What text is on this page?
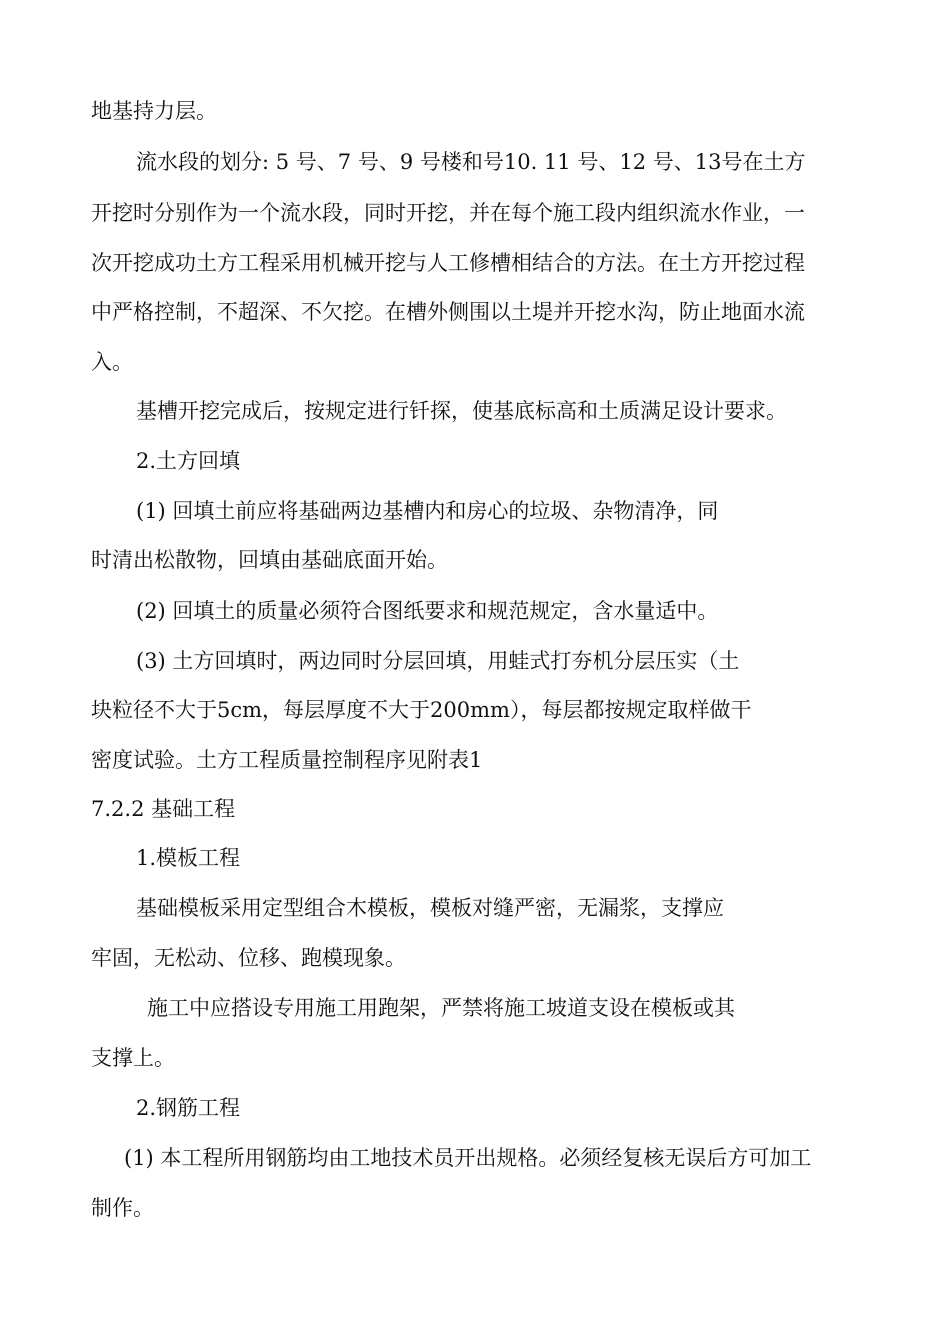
地基持力层。
流水段的划分: 5 号、7 号、9 号楼和号10. 11 号、12 号、13号在土方
开挖时分别作为一个流水段，同时开挖，并在每个施工段内组织流水作业，一
次开挖成功土方工程采用机械开挖与人工修槽相结合的方法。在土方开挖过程
中严格控制，不超深、不欠挖。在槽外侧围以土堤并开挖水沟，防止地面水流
入。
基槽开挖完成后，按规定进行钎探，使基底标高和土质满足设计要求。
2.土方回填
(1) 回填土前应将基础两边基槽内和房心的垃圾、杂物清净，同
时清出松散物，回填由基础底面开始。
(2) 回填土的质量必须符合图纸要求和规范规定，含水量适中。
(3) 土方回填时，两边同时分层回填，用蛙式打夯机分层压实（土
块粒径不大于5cm，每层厚度不大于200mm），每层都按规定取样做干
密度试验。土方工程质量控制程序见附表1
7.2.2 基础工程
1.模板工程
基础模板采用定型组合木模板，模板对缝严密，无漏浆，支撑应
牢固，无松动、位移、跑模现象。
施工中应搭设专用施工用跑架，严禁将施工坡道支设在模板或其
支撑上。
2.钢筋工程
(1) 本工程所用钢筋均由工地技术员开出规格。必须经复核无误后方可加工
制作。
